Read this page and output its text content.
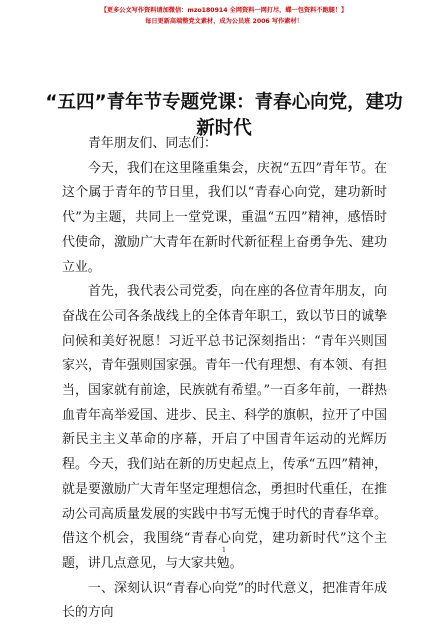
【更多公文写作资料请加微信：mzo180914 全网资料一网打尽，蝶一包资料不跑腿！】
每日更新高端整党文素材，成为公员班 2006 写作素材！
“五四”青年节专题党课：青春心向党，建功新时代

青年朋友们、同志们：

今天，我们在这里隆重集会，庆祝“五四”青年节。在这个属于青年的节日里，我们以“青春心向党，建功新时代”为主题，共同上一堂党课，重温“五四”精神，感悟时代使命，激励广大青年在新时代新征程上奋勇争先、建功立业。

首先，我代表公司党委，向在座的各位青年朋友，向奋战在公司各条战线上的全体青年职工，致以节日的诚挚问候和美好祝愿！习近平总书记深刻指出：“青年兴则国家兴，青年强则国家强。青年一代有理想、有本领、有担当，国家就有前途，民族就有希望。”一百多年前，一群热血青年高举爱国、进步、民主、科学的旗帜，拉开了中国新民主主义革命的序幕，开启了中国青年运动的光辉历程。今天，我们站在新的历史起点上，传承“五四”精神，就是要激励广大青年坚定理想信念，勇担时代重任，在推动公司高质量发展的实践中书写无愧于时代的青春华章。借这个机会，我围绕“青春心向党，建功新时代”这个主题，讲几点意见，与大家共勉。

一、深刻认识“青春心向党”的时代意义，把准青年成长的方向

1
